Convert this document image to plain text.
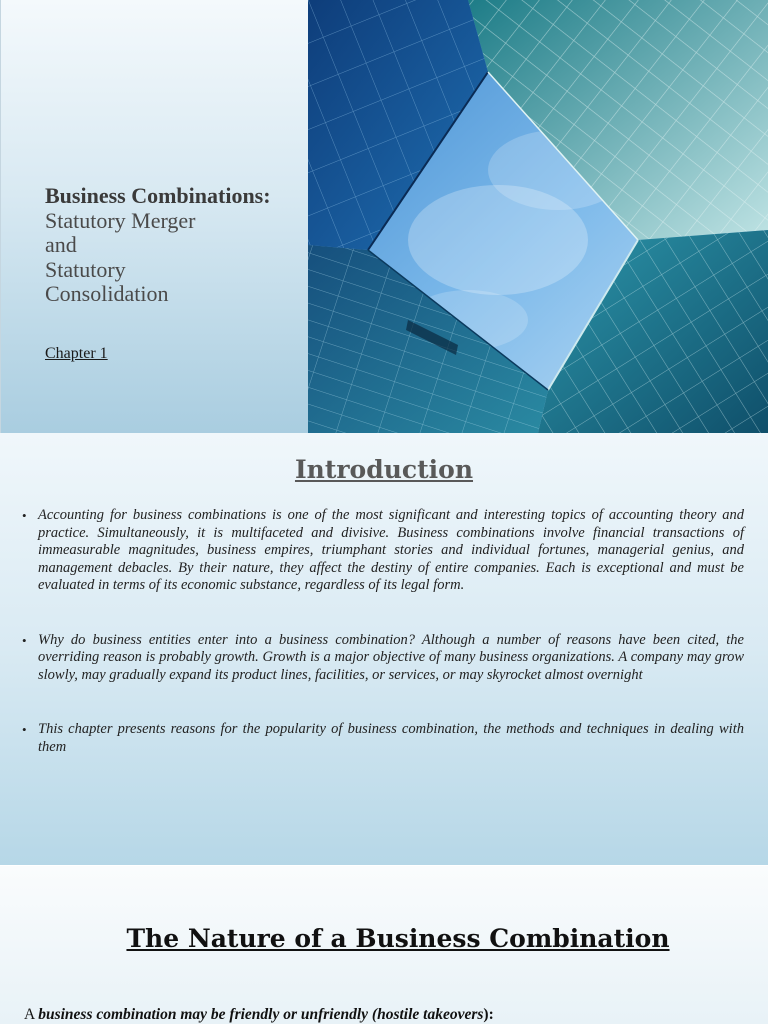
Business Combinations:
Statutory Merger
and
Statutory
Consolidation
Chapter 1
Introduction
• Accounting for business combinations is one of the most significant and interesting topics of accounting theory and practice. Simultaneously, it is multifaceted and divisive. Business combinations involve financial transactions of immeasurable magnitudes, business empires, triumphant stories and individual fortunes, managerial genius, and management debacles. By their nature, they affect the destiny of entire companies. Each is exceptional and must be evaluated in terms of its economic substance, regardless of its legal form.
• Why do business entities enter into a business combination? Although a number of reasons have been cited, the overriding reason is probably growth. Growth is a major objective of many business organizations. A company may grow slowly, may gradually expand its product lines, facilities, or services, or may skyrocket almost overnight
• This chapter presents reasons for the popularity of business combination, the methods and techniques in dealing with them
The Nature of a Business Combination
A business combination may be friendly or unfriendly (hostile takeovers):
